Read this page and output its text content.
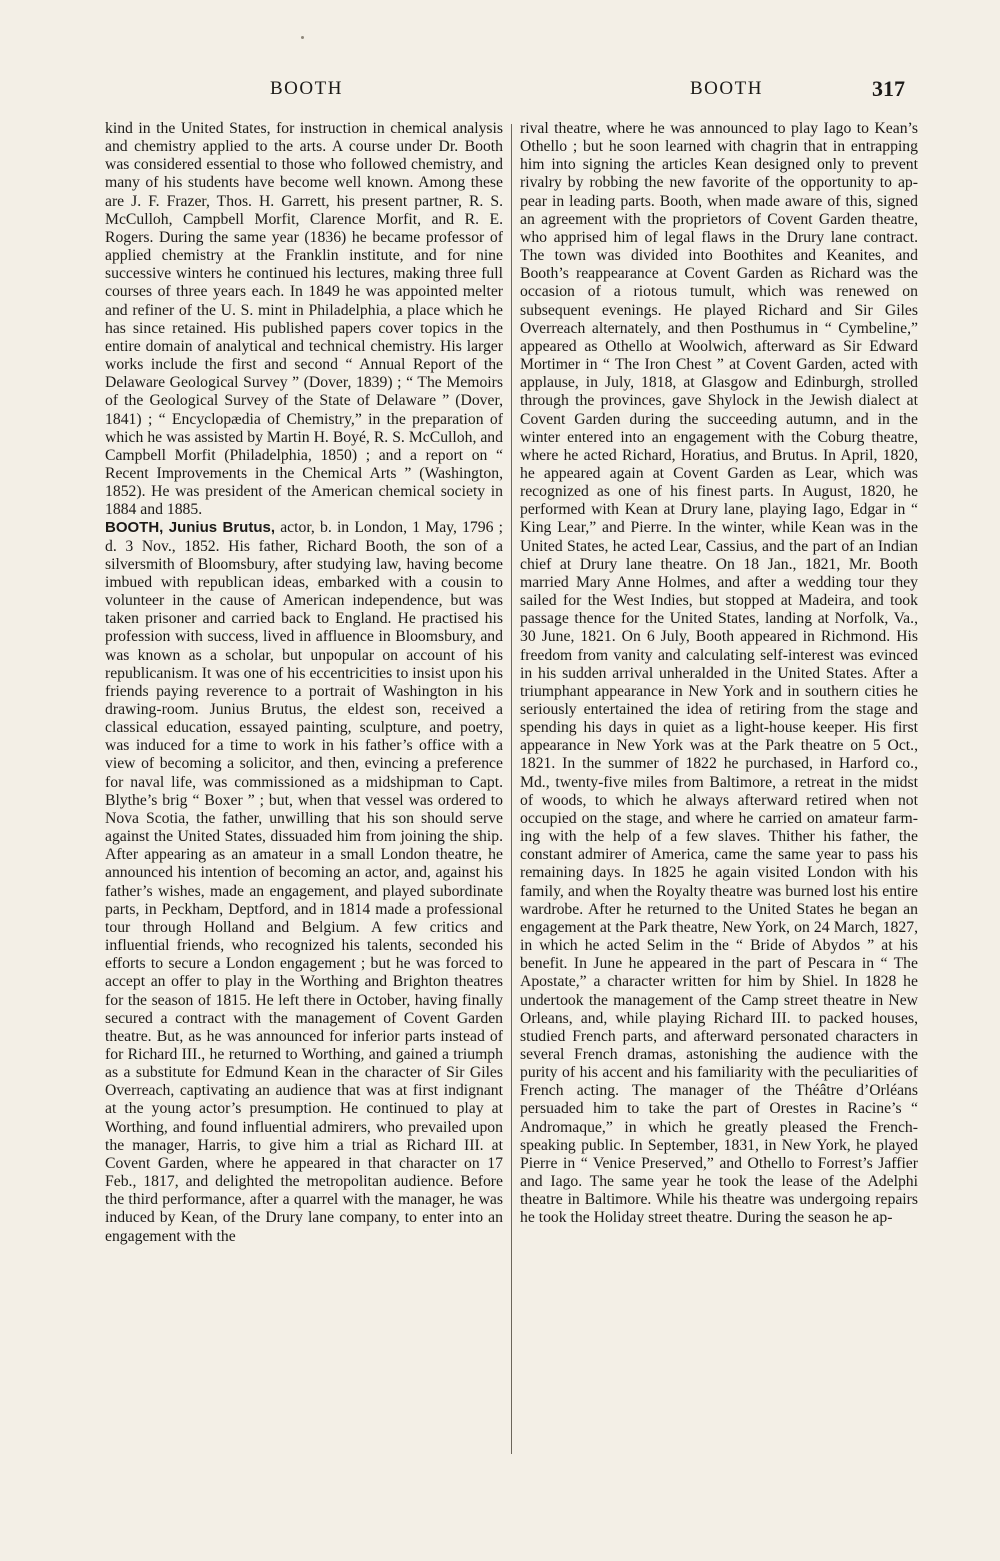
BOOTH	BOOTH	317

kind in the United States, for instruction in chemical analysis and chemistry applied to the arts. A course under Dr. Booth was considered essential to those who followed chemistry, and many of his students have become well known. Among these are J. F. Frazer, Thos. H. Garrett, his present partner, R. S. McCulloh, Campbell Morfit, Clarence Morfit, and R. E. Rogers. During the same year (1836) he became professor of applied chemistry at the Franklin institute, and for nine successive winters he continued his lectures, making three full courses of three years each. In 1849 he was appointed melter and refiner of the U. S. mint in Philadelphia, a place which he has since retained. His published papers cover topics in the entire domain of analytical and technical chemistry. His larger works include the first and second “ Annual Report of the Delaware Geological Survey ” (Dover, 1839) ; “ The Memoirs of the Geological Survey of the State of Delaware ” (Dover, 1841) ; “ Encyclopædia of Chemistry,” in the preparation of which he was assisted by Martin H. Boyé, R. S. McCulloh, and Campbell Morfit (Philadelphia, 1850) ; and a report on “ Recent Improvements in the Chemical Arts ” (Washington, 1852). He was president of the American chemical society in 1884 and 1885.

BOOTH, Junius Brutus, actor, b. in London, 1 May, 1796 ; d. 3 Nov., 1852. His father, Richard Booth, the son of a silversmith of Bloomsbury, after studying law, having become imbued with republican ideas, embarked with a cousin to volunteer in the cause of American independence, but was taken prisoner and carried back to England. He practised his profession with success, lived in affluence in Bloomsbury, and was known as a scholar, but unpopular on account of his republicanism. It was one of his eccentricities to insist upon his friends paying reverence to a portrait of Washington in his drawing-room. Junius Brutus, the eldest son, received a classical education, essayed painting, sculpture, and poetry, was induced for a time to work in his father’s office with a view of becoming a solicitor, and then, evincing a preference for naval life, was commissioned as a midshipman to Capt. Blythe’s brig “ Boxer ” ; but, when that vessel was ordered to Nova Scotia, the father, unwilling that his son should serve against the United States, dissuaded him from joining the ship. After appearing as an amateur in a small London theatre, he announced his intention of becoming an actor, and, against his father’s wishes, made an engagement, and played subordinate parts, in Peckham, Deptford, and in 1814 made a professional tour through Holland and Belgium. A few critics and influential friends, who recognized his talents, seconded his efforts to secure a London engagement ; but he was forced to accept an offer to play in the Worthing and Brighton theatres for the season of 1815. He left there in October, having finally secured a contract with the management of Covent Garden theatre. But, as he was announced for inferior parts instead of for Richard III., he returned to Worthing, and gained a triumph as a substitute for Edmund Kean in the character of Sir Giles Overreach, captivating an audience that was at first indignant at the young actor’s presumption. He continued to play at Worthing, and found influential admirers, who prevailed upon the manager, Harris, to give him a trial as Richard III. at Covent Garden, where he appeared in that character on 17 Feb., 1817, and delighted the metropolitan audience. Before the third performance, after a quarrel with the manager, he was induced by Kean, of the Drury lane company, to enter into an engagement with the

rival theatre, where he was announced to play Iago to Kean’s Othello ; but he soon learned with chagrin that in entrapping him into signing the articles Kean designed only to prevent rivalry by robbing the new favorite of the opportunity to appear in leading parts. Booth, when made aware of this, signed an agreement with the proprietors of Covent Garden theatre, who apprised him of legal flaws in the Drury lane contract. The town was divided into Boothites and Keanites, and Booth’s reappearance at Covent Garden as Richard was the occasion of a riotous tumult, which was renewed on subsequent evenings. He played Richard and Sir Giles Overreach alternately, and then Posthumus in “ Cymbeline,” appeared as Othello at Woolwich, afterward as Sir Edward Mortimer in “ The Iron Chest ” at Covent Garden, acted with applause, in July, 1818, at Glasgow and Edinburgh, strolled through the provinces, gave Shylock in the Jewish dialect at Covent Garden during the succeeding autumn, and in the winter entered into an engagement with the Coburg theatre, where he acted Richard, Horatius, and Brutus. In April, 1820, he appeared again at Covent Garden as Lear, which was recognized as one of his finest parts. In August, 1820, he performed with Kean at Drury lane, playing Iago, Edgar in “ King Lear,” and Pierre. In the winter, while Kean was in the United States, he acted Lear, Cassius, and the part of an Indian chief at Drury lane theatre. On 18 Jan., 1821, Mr. Booth married Mary Anne Holmes, and after a wedding tour they sailed for the West Indies, but stopped at Madeira, and took passage thence for the United States, landing at Norfolk, Va., 30 June, 1821. On 6 July, Booth appeared in Richmond. His freedom from vanity and calculating self-interest was evinced in his sudden arrival unheralded in the United States. After a triumphant appearance in New York and in southern cities he seriously entertained the idea of retiring from the stage and spending his days in quiet as a light-house keeper. His first appearance in New York was at the Park theatre on 5 Oct., 1821. In the summer of 1822 he purchased, in Harford co., Md., twenty-five miles from Baltimore, a retreat in the midst of woods, to which he always afterward retired when not occupied on the stage, and where he carried on amateur farming with the help of a few slaves. Thither his father, the constant admirer of America, came the same year to pass his remaining days. In 1825 he again visited London with his family, and when the Royalty theatre was burned lost his entire wardrobe. After he returned to the United States he began an engagement at the Park theatre, New York, on 24 March, 1827, in which he acted Selim in the “ Bride of Abydos ” at his benefit. In June he appeared in the part of Pescara in “ The Apostate,” a character written for him by Shiel. In 1828 he undertook the management of the Camp street theatre in New Orleans, and, while playing Richard III. to packed houses, studied French parts, and afterward personated characters in several French dramas, astonishing the audience with the purity of his accent and his familiarity with the peculiarities of French acting. The manager of the Théâtre d’Orléans persuaded him to take the part of Orestes in Racine’s “ Andromaque,” in which he greatly pleased the French-speaking public. In September, 1831, in New York, he played Pierre in “ Venice Preserved,” and Othello to Forrest’s Jaffier and Iago. The same year he took the lease of the Adelphi theatre in Baltimore. While his theatre was undergoing repairs he took the Holiday street theatre. During the season he ap-
